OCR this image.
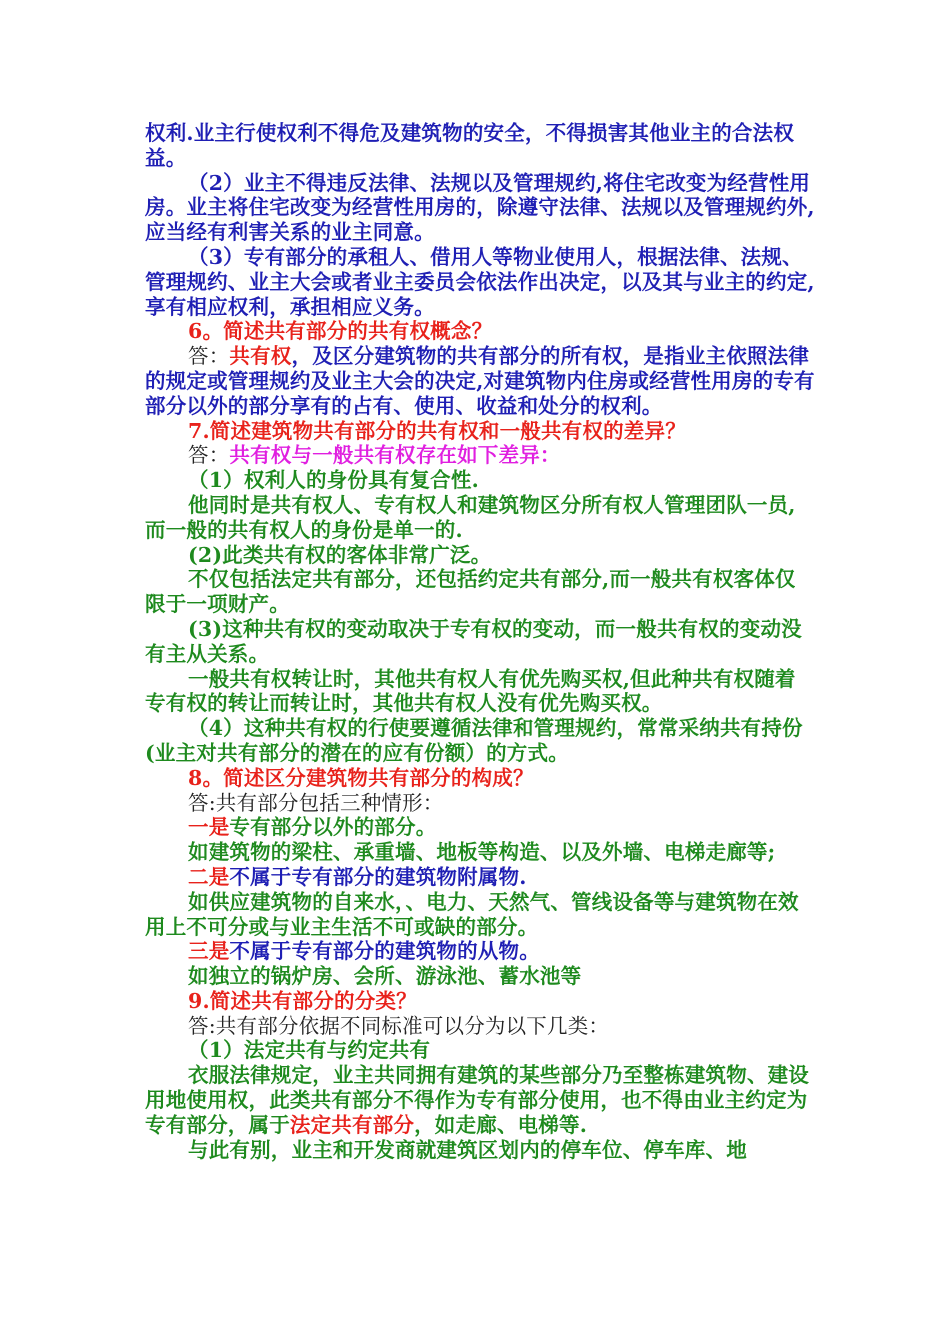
权利.业主行使权利不得危及建筑物的安全，不得损害其他业主的合法权益。

（2）业主不得违反法律、法规以及管理规约,将住宅改变为经营性用房。业主将住宅改变为经营性用房的，除遵守法律、法规以及管理规约外,应当经有利害关系的业主同意。

（3）专有部分的承租人、借用人等物业使用人，根据法律、法规、管理规约、业主大会或者业主委员会依法作出决定，以及其与业主的约定,享有相应权利，承担相应义务。

6。简述共有部分的共有权概念？

答：共有权，及区分建筑物的共有部分的所有权，是指业主依照法律的规定或管理规约及业主大会的决定,对建筑物内住房或经营性用房的专有部分以外的部分享有的占有、使用、收益和处分的权利。

7.简述建筑物共有部分的共有权和一般共有权的差异？

答：共有权与一般共有权存在如下差异：

（1）权利人的身份具有复合性.

他同时是共有权人、专有权人和建筑物区分所有权人管理团队一员,而一般的共有权人的身份是单一的.

(2)此类共有权的客体非常广泛。

不仅包括法定共有部分，还包括约定共有部分,而一般共有权客体仅限于一项财产。

(3)这种共有权的变动取决于专有权的变动，而一般共有权的变动没有主从关系。

一般共有权转让时，其他共有权人有优先购买权,但此种共有权随着专有权的转让而转让时，其他共有权人没有优先购买权。

（4）这种共有权的行使要遵循法律和管理规约，常常采纳共有持份(业主对共有部分的潜在的应有份额）的方式。

8。简述区分建筑物共有部分的构成？

答:共有部分包括三种情形：

一是专有部分以外的部分。

如建筑物的梁柱、承重墙、地板等构造、以及外墙、电梯走廊等;

二是不属于专有部分的建筑物附属物.

如供应建筑物的自来水，、电力、天然气、管线设备等与建筑物在效用上不可分或与业主生活不可或缺的部分。

三是不属于专有部分的建筑物的从物。

如独立的锅炉房、会所、游泳池、蓄水池等

9.简述共有部分的分类？

答:共有部分依据不同标准可以分为以下几类：

（1）法定共有与约定共有

衣服法律规定，业主共同拥有建筑的某些部分乃至整栋建筑物、建设用地使用权，此类共有部分不得作为专有部分使用，也不得由业主约定为专有部分，属于法定共有部分，如走廊、电梯等.

与此有别，业主和开发商就建筑区划内的停车位、停车库、地
